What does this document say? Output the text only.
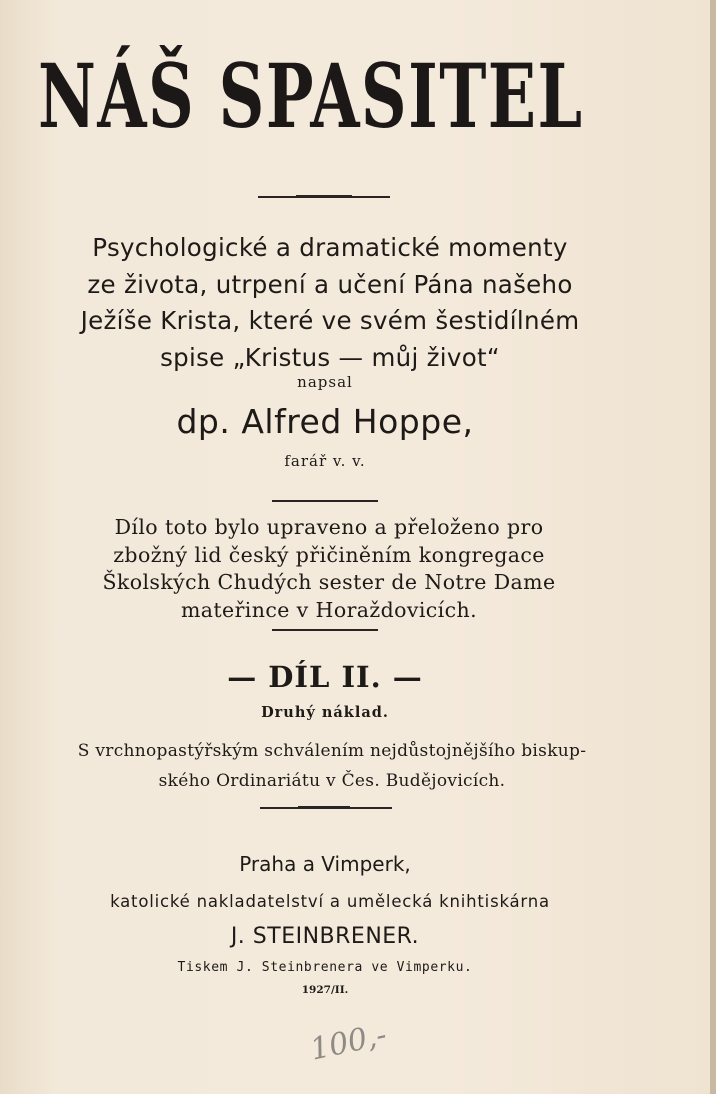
NÁŠ SPASITEL
Psychologické a dramatické momenty
ze života, utrpení a učení Pána našeho
Ježíše Krista, které ve svém šestidílném
spise „Kristus — můj život“
napsal
dp. Alfred Hoppe,
farář v. v.
Dílo toto bylo upraveno a přeloženo pro
zbožný lid český přičiněním kongregace
Školských Chudých sester de Notre Dame
mateřince v Horaždovicích.
— DÍL II. —
Druhý náklad.
S vrchnopastýřským schválením nejdůstojnějšího biskup-
ského Ordinariátu v Čes. Budějovicích.
Praha a Vimperk,
katolické nakladatelství a umělecká knihtiskárna
J. STEINBRENER.
Tiskem J. Steinbrenera ve Vimperku.
1927/II.
100,-
